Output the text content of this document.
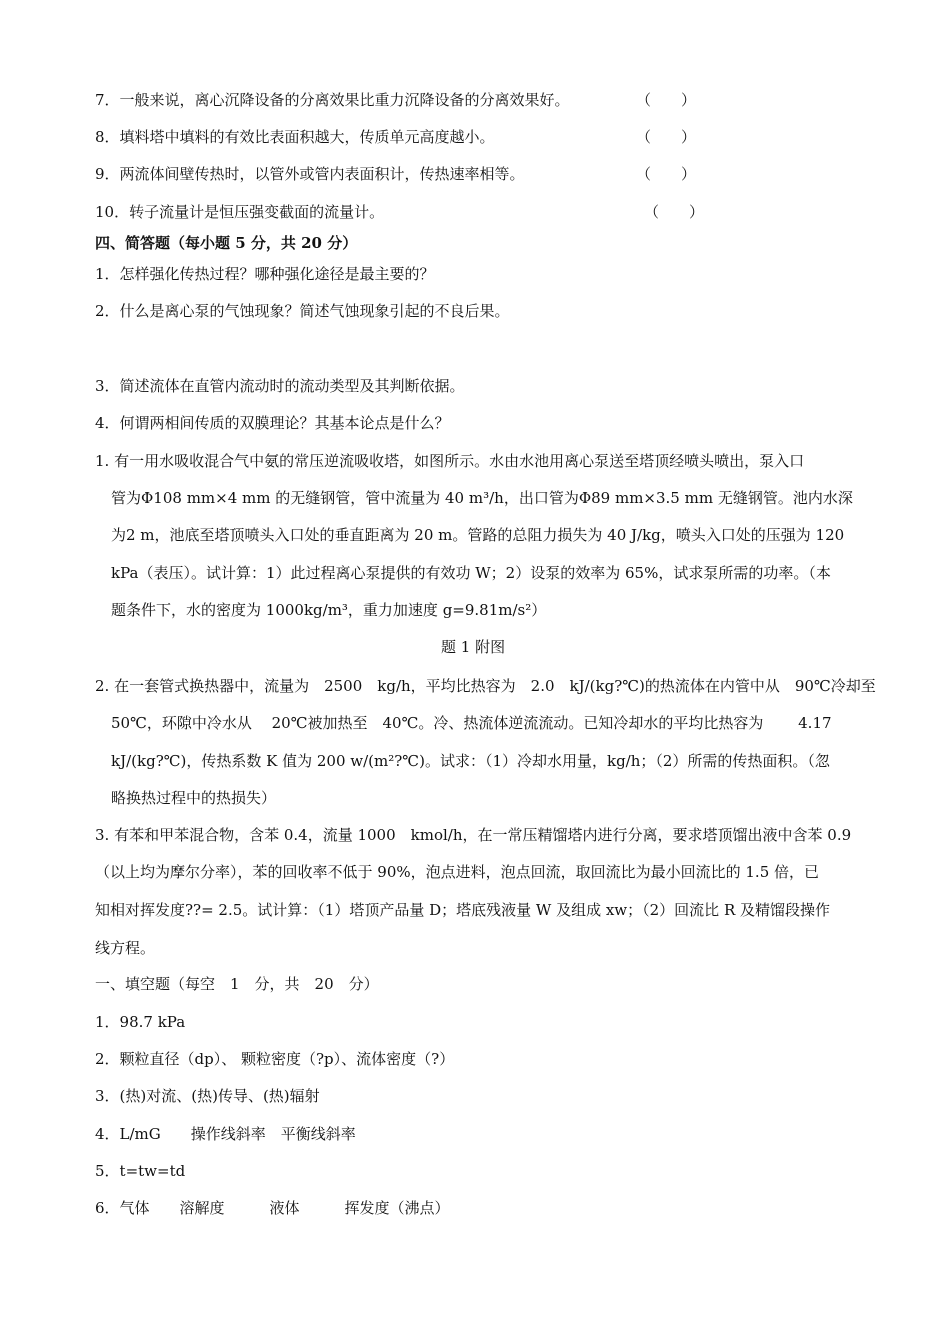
7．一般来说，离心沉降设备的分离效果比重力沉降设备的分离效果好。	（　　）
8．填料塔中填料的有效比表面积越大，传质单元高度越小。	（　　）
9．两流体间壁传热时，以管外或管内表面积计，传热速率相等。	（　　）
10．转子流量计是恒压强变截面的流量计。	（　　）
四、简答题（每小题 5 分，共 20 分）
1．怎样强化传热过程？哪种强化途径是最主要的？
2．什么是离心泵的气蚀现象？简述气蚀现象引起的不良后果。
3．简述流体在直管内流动时的流动类型及其判断依据。
4．何谓两相间传质的双膜理论？其基本论点是什么？
1. 有一用水吸收混合气中氨的常压逆流吸收塔，如图所示。水由水池用离心泵送至塔顶经喷头喷出，泵入口
管为Φ108 mm×4 mm 的无缝钢管，管中流量为 40 m³/h，出口管为Φ89 mm×3.5 mm 无缝钢管。池内水深
为2 m，池底至塔顶喷头入口处的垂直距离为 20 m。管路的总阻力损失为 40 J/kg，喷头入口处的压强为 120
kPa（表压）。试计算：1）此过程离心泵提供的有效功 W；2）设泵的效率为 65%，试求泵所需的功率。（本
题条件下，水的密度为 1000kg/m³，重力加速度 g=9.81m/s²）
题 1 附图
2. 在一套管式换热器中，流量为　2500　kg/h，平均比热容为　2.0　kJ/(kg?℃)的热流体在内管中从　90℃冷却至
50℃，环隙中冷水从　 20℃被加热至　40℃。冷、热流体逆流流动。已知冷却水的平均比热容为　　 4.17
kJ/(kg?℃)，传热系数 K 值为 200 w/(m²?℃)。试求：（1）冷却水用量，kg/h；（2）所需的传热面积。（忽
略换热过程中的热损失）
3. 有苯和甲苯混合物，含苯 0.4，流量 1000　kmol/h，在一常压精馏塔内进行分离，要求塔顶馏出液中含苯 0.9
（以上均为摩尔分率），苯的回收率不低于 90%，泡点进料，泡点回流，取回流比为最小回流比的 1.5 倍，已
知相对挥发度??= 2.5。试计算：（1）塔顶产品量 D；塔底残液量 W 及组成 xw；（2）回流比 R 及精馏段操作
线方程。
一、填空题（每空　1　分，共　20　分）
1．98.7 kPa
2．颗粒直径（dp）、 颗粒密度（?p）、流体密度（?）
3．(热)对流、(热)传导、(热)辐射
4．L/mG　　操作线斜率　平衡线斜率
5．t=tw=td
6．气体　　溶解度　　　液体　　　挥发度（沸点）
